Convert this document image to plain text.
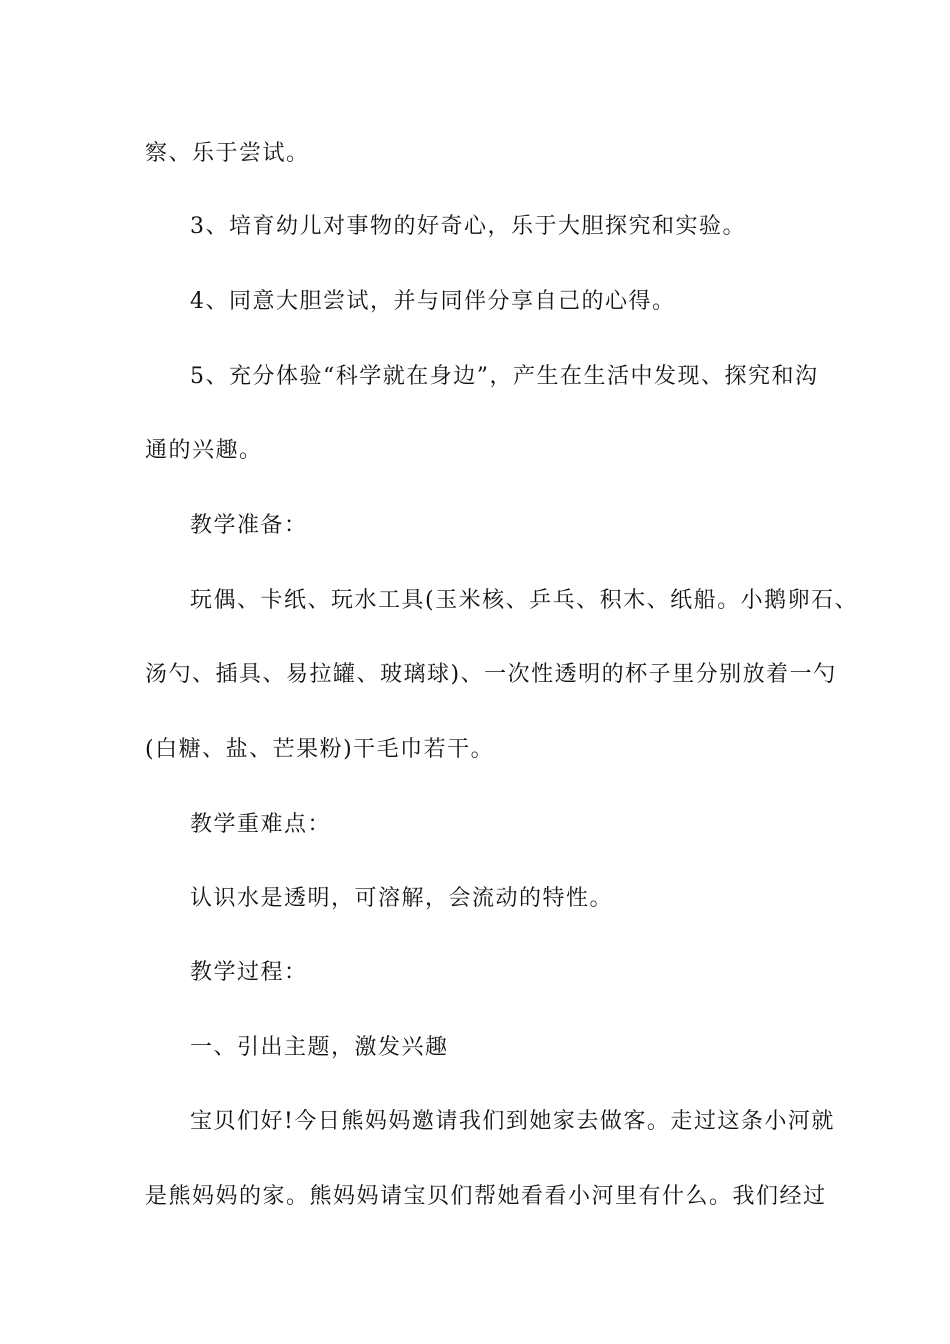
察、乐于尝试。
3、培育幼儿对事物的好奇心，乐于大胆探究和实验。
4、同意大胆尝试，并与同伴分享自己的心得。
5、充分体验“科学就在身边”，产生在生活中发现、探究和沟
通的兴趣。
教学准备：
玩偶、卡纸、玩水工具(玉米核、乒乓、积木、纸船。小鹅卵石、
汤勺、插具、易拉罐、玻璃球)、一次性透明的杯子里分别放着一勺
(白糖、盐、芒果粉)干毛巾若干。
教学重难点：
认识水是透明，可溶解，会流动的特性。
教学过程：
一、引出主题，激发兴趣
宝贝们好!今日熊妈妈邀请我们到她家去做客。走过这条小河就
是熊妈妈的家。熊妈妈请宝贝们帮她看看小河里有什么。我们经过
